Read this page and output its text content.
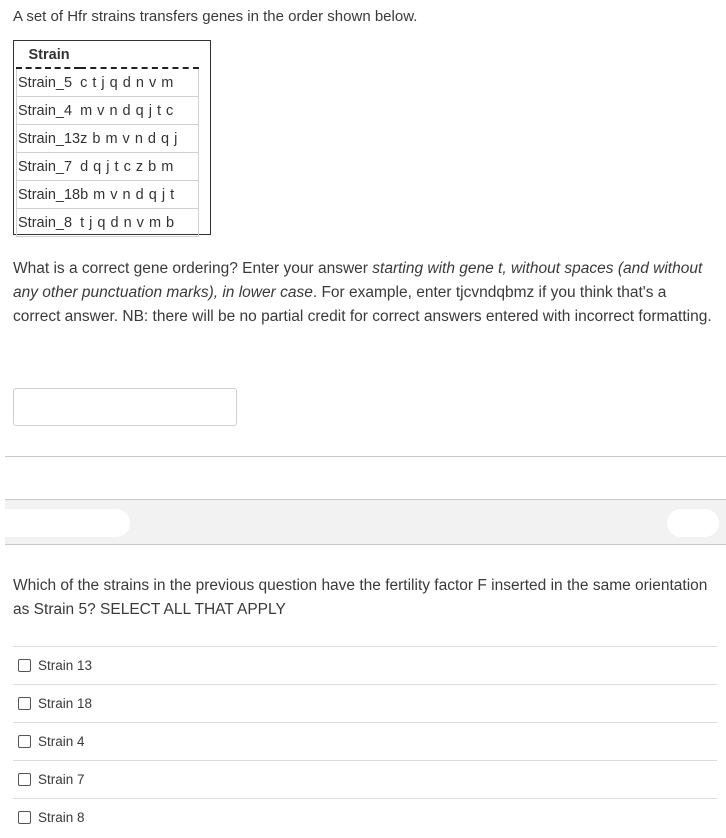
A set of Hfr strains transfers genes in the order shown below.
Strain	
Strain_5	c t j q d n v m
Strain_4	m v n d q j t c
Strain_13	z b m v n d q j
Strain_7	d q j t c z b m
Strain_18	b m v n d q j t
Strain_8	t j q d n v m b
What is a correct gene ordering? Enter your answer starting with gene t, without spaces (and without any other punctuation marks), in lower case. For example, enter tjcvndqbmz if you think that's a correct answer. NB: there will be no partial credit for correct answers entered with incorrect formatting.
Which of the strains in the previous question have the fertility factor F inserted in the same orientation as Strain 5? SELECT ALL THAT APPLY
Strain 13
Strain 18
Strain 4
Strain 7
Strain 8
